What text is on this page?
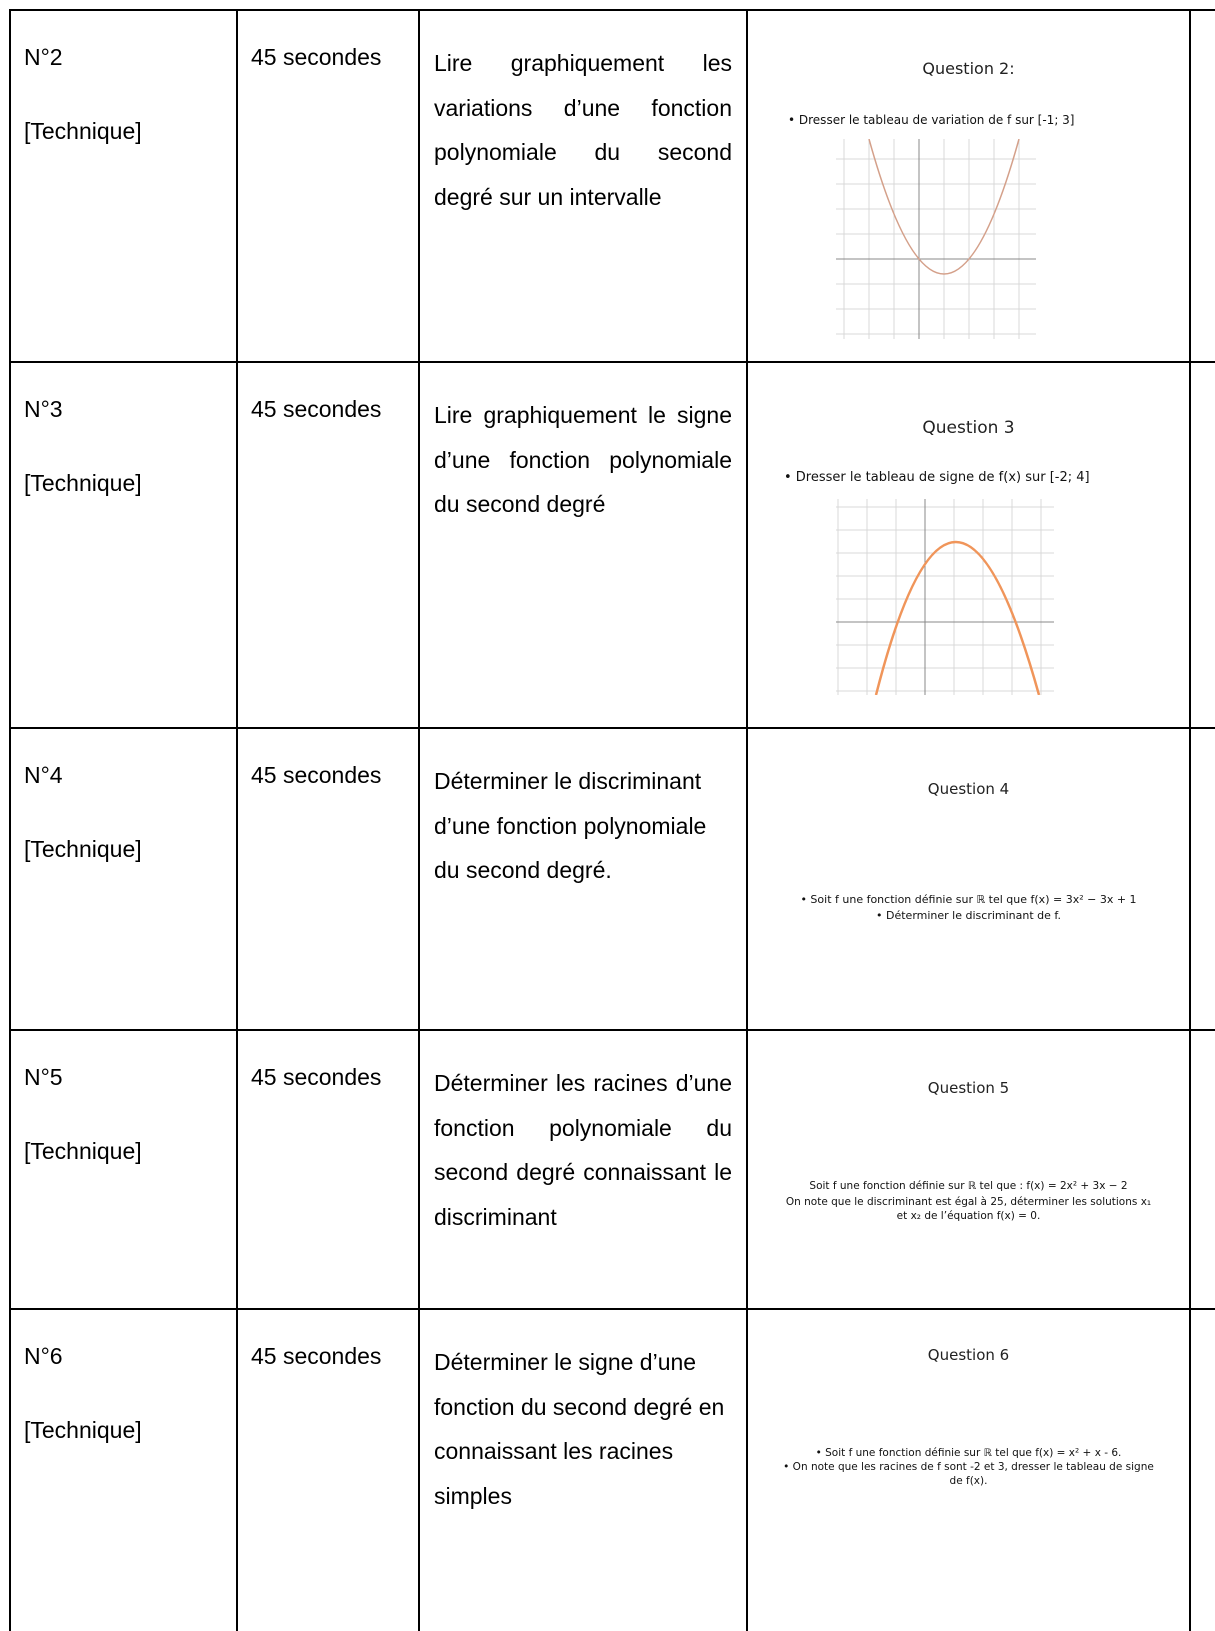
N°2
[Technique]
45 secondes Lire graphiquement les variations d’une fonction polynomiale du second degré sur un intervalle
Question 2:
• Dresser le tableau de variation de f sur [-1; 3]
N°3
[Technique]
45 secondes Lire graphiquement le signe d’une fonction polynomiale du second degré
Question 3
• Dresser le tableau de signe de f(x) sur [-2; 4]
N°4
[Technique]
45 secondes Déterminer le discriminant d’une fonction polynomiale du second degré.
Question 4
• Soit f une fonction définie sur ℝ tel que f(x) = 3x² − 3x + 1
• Déterminer le discriminant de f.
N°5
[Technique]
45 secondes Déterminer les racines d’une fonction polynomiale du second degré connaissant le discriminant
Question 5
Soit f une fonction définie sur ℝ tel que : f(x) = 2x² + 3x − 2
On note que le discriminant est égal à 25, déterminer les solutions x₁
et x₂ de l’équation f(x) = 0.
N°6
[Technique]
45 secondes Déterminer le signe d’une fonction du second degré en connaissant les racines simples
Question 6
• Soit f une fonction définie sur ℝ tel que f(x) = x² + x - 6.
• On note que les racines de f sont -2 et 3, dresser le tableau de signe
de f(x).
